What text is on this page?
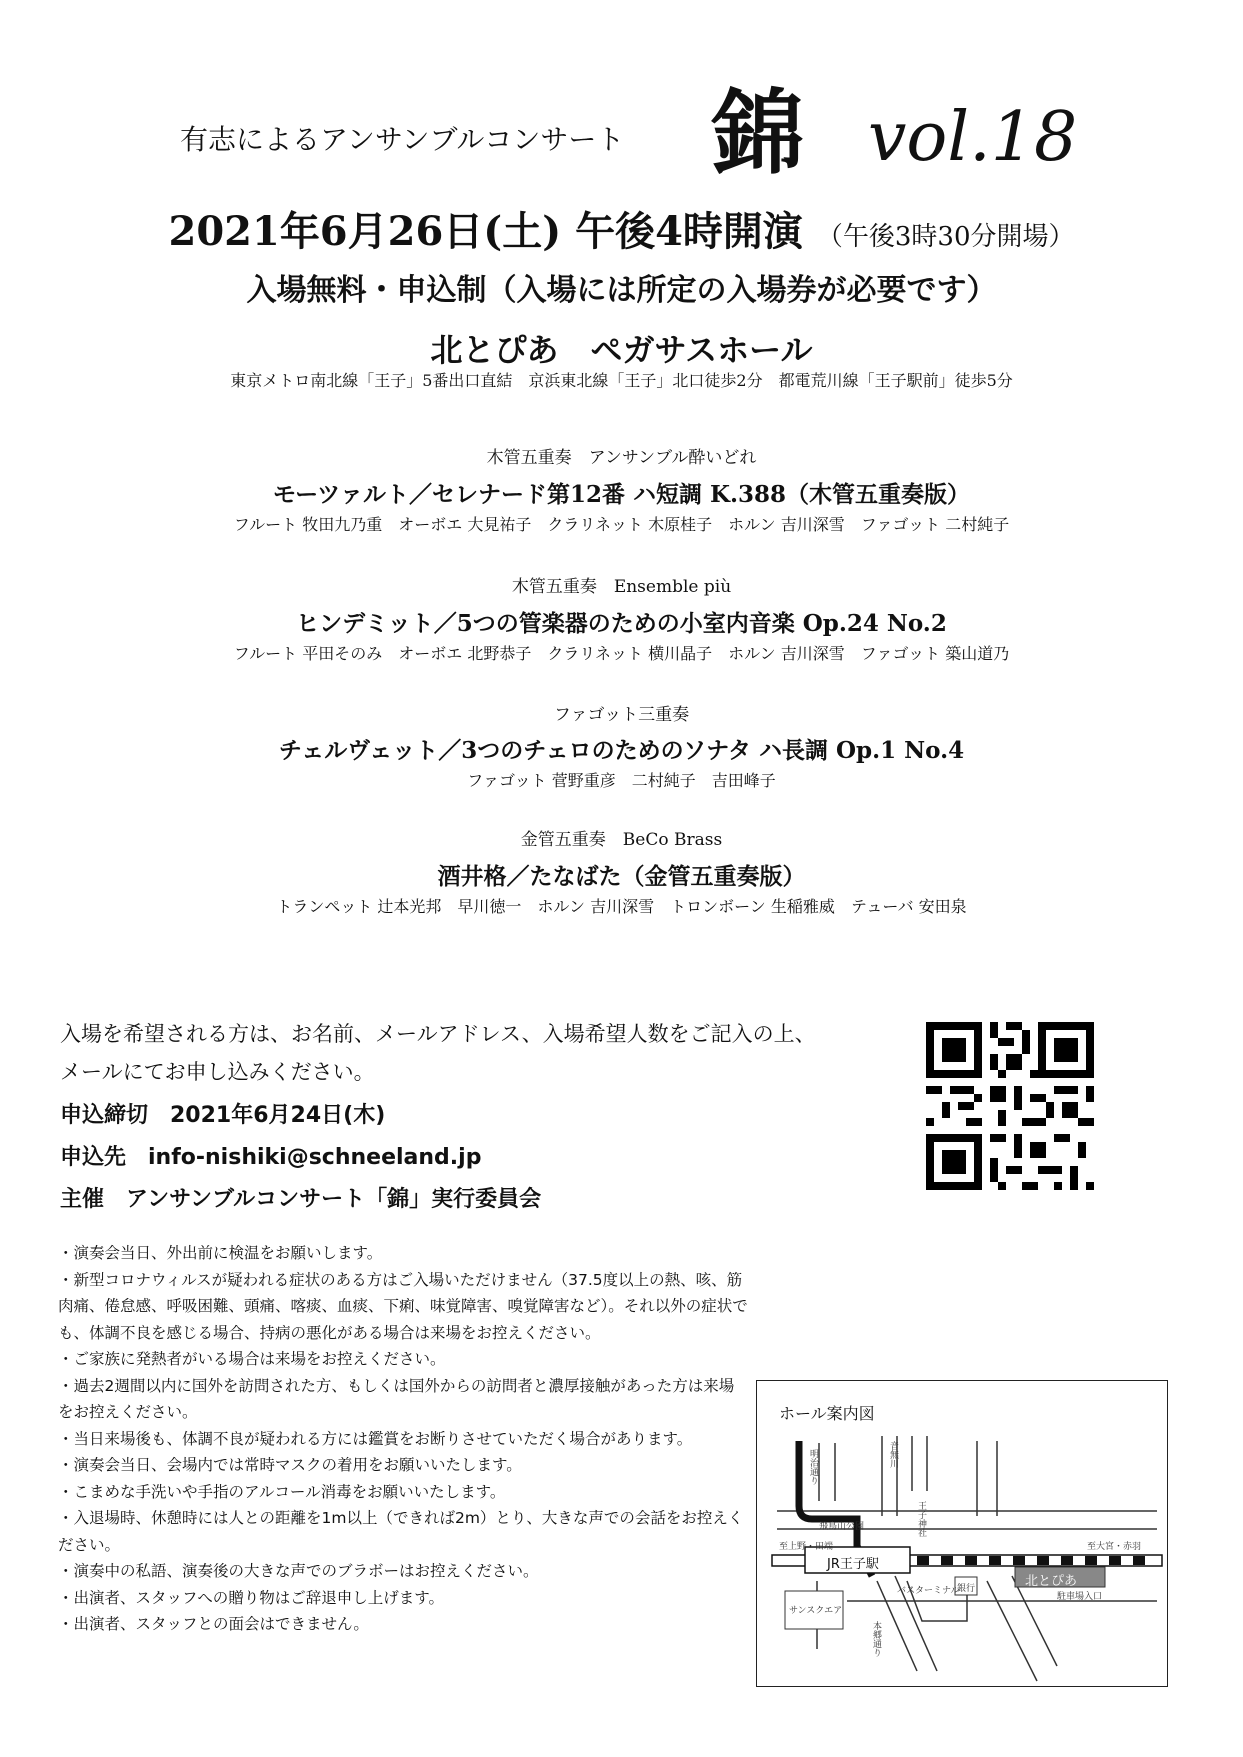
有志によるアンサンブルコンサート 錦 vol.18
2021年6月26日(土) 午後4時開演 （午後3時30分開場）
入場無料・申込制（入場には所定の入場券が必要です）
北とぴあ　ペガサスホール
東京メトロ南北線「王子」5番出口直結　京浜東北線「王子」北口徒歩2分　都電荒川線「王子駅前」徒歩5分
木管五重奏　アンサンブル酔いどれ
モーツァルト／セレナード第12番 ハ短調 K.388（木管五重奏版）
フルート 牧田九乃重　オーボエ 大見祐子　クラリネット 木原桂子　ホルン 吉川深雪　ファゴット 二村純子
木管五重奏　Ensemble più
ヒンデミット／5つの管楽器のための小室内音楽 Op.24 No.2
フルート 平田そのみ　オーボエ 北野恭子　クラリネット 横川晶子　ホルン 吉川深雪　ファゴット 築山道乃
ファゴット三重奏
チェルヴェット／3つのチェロのためのソナタ ハ長調 Op.1 No.4
ファゴット 菅野重彦　二村純子　吉田峰子
金管五重奏　BeCo Brass
酒井格／たなばた（金管五重奏版）
トランペット 辻本光邦　早川徳一　ホルン 吉川深雪　トロンボーン 生稲雅威　テューバ 安田泉
入場を希望される方は、お名前、メールアドレス、入場希望人数をご記入の上、
メールにてお申し込みください。
申込締切　2021年6月24日(木)
申込先　info-nishiki@schneeland.jp
主催　アンサンブルコンサート「錦」実行委員会
・演奏会当日、外出前に検温をお願いします。
・新型コロナウィルスが疑われる症状のある方はご入場いただけません（37.5度以上の熱、咳、筋肉痛、倦怠感、呼吸困難、頭痛、喀痰、血痰、下痢、味覚障害、嗅覚障害など）。それ以外の症状でも、体調不良を感じる場合、持病の悪化がある場合は来場をお控えください。
・ご家族に発熱者がいる場合は来場をお控えください。
・過去2週間以内に国外を訪問された方、もしくは国外からの訪問者と濃厚接触があった方は来場をお控えください。
・当日来場後も、体調不良が疑われる方には鑑賞をお断りさせていただく場合があります。
・演奏会当日、会場内では常時マスクの着用をお願いいたします。
・こまめな手洗いや手指のアルコール消毒をお願いいたします。
・入退場時、休憩時には人との距離を1m以上（できれば2m）とり、大きな声での会話をお控えください。
・演奏中の私語、演奏後の大きな声でのブラボーはお控えください。
・出演者、スタッフへの贈り物はご辞退申し上げます。
・出演者、スタッフとの面会はできません。
ホール案内図
JR王子駅
北とぴあ
至上野・田端	至大宮・赤羽
飛鳥山公園
バスターミナル
銀行
サンスクエア
駐車場入口
明治通り
本郷通り
音無川
王子神社
